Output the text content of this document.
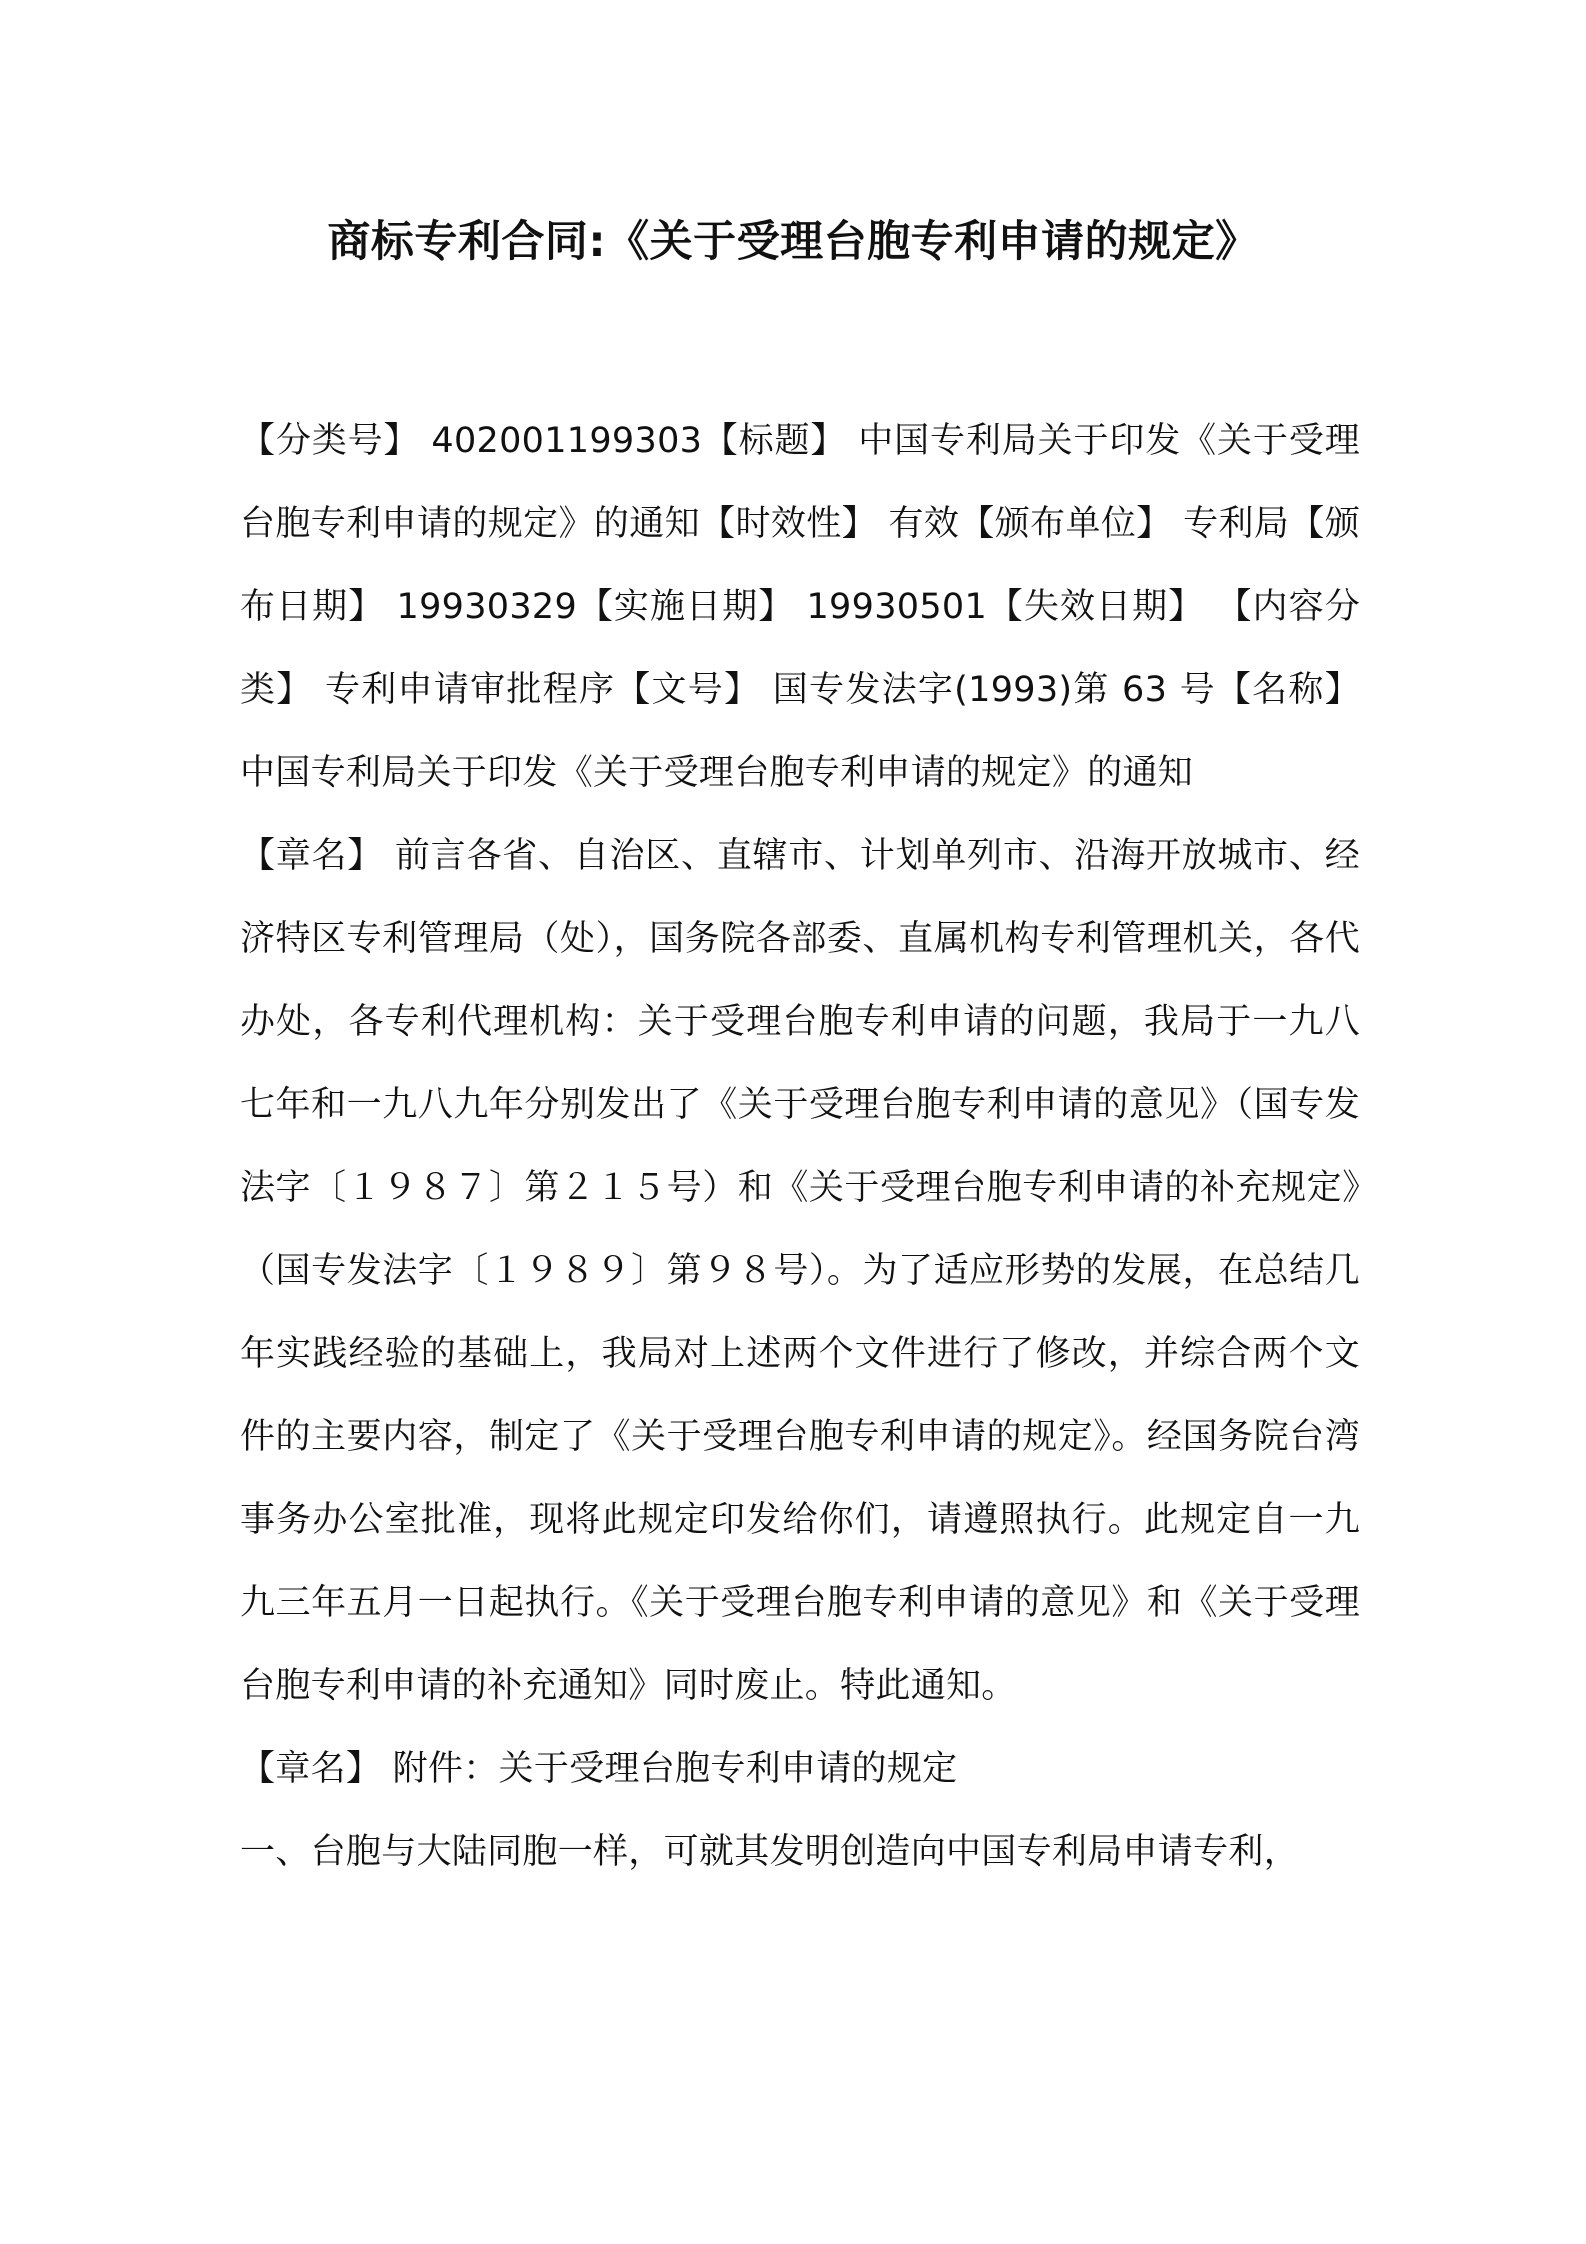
商标专利合同:《关于受理台胞专利申请的规定》

【分类号】 402001199303【标题】 中国专利局关于印发《关于受理台胞专利申请的规定》的通知【时效性】 有效【颁布单位】 专利局【颁布日期】 19930329【实施日期】 19930501【失效日期】 【内容分类】 专利申请审批程序【文号】 国专发法字(1993)第 63 号【名称】 中国专利局关于印发《关于受理台胞专利申请的规定》的通知

【章名】 前言各省、自治区、直辖市、计划单列市、沿海开放城市、经济特区专利管理局（处），国务院各部委、直属机构专利管理机关，各代办处，各专利代理机构：关于受理台胞专利申请的问题，我局于一九八七年和一九八九年分别发出了《关于受理台胞专利申请的意见》（国专发法字〔１９８７〕第２１５号）和《关于受理台胞专利申请的补充规定》（国专发法字〔１９８９〕第９８号）。为了适应形势的发展，在总结几年实践经验的基础上，我局对上述两个文件进行了修改，并综合两个文件的主要内容，制定了《关于受理台胞专利申请的规定》。经国务院台湾事务办公室批准，现将此规定印发给你们，请遵照执行。此规定自一九九三年五月一日起执行。《关于受理台胞专利申请的意见》和《关于受理台胞专利申请的补充通知》同时废止。特此通知。

【章名】 附件：关于受理台胞专利申请的规定

一、台胞与大陆同胞一样，可就其发明创造向中国专利局申请专利，
